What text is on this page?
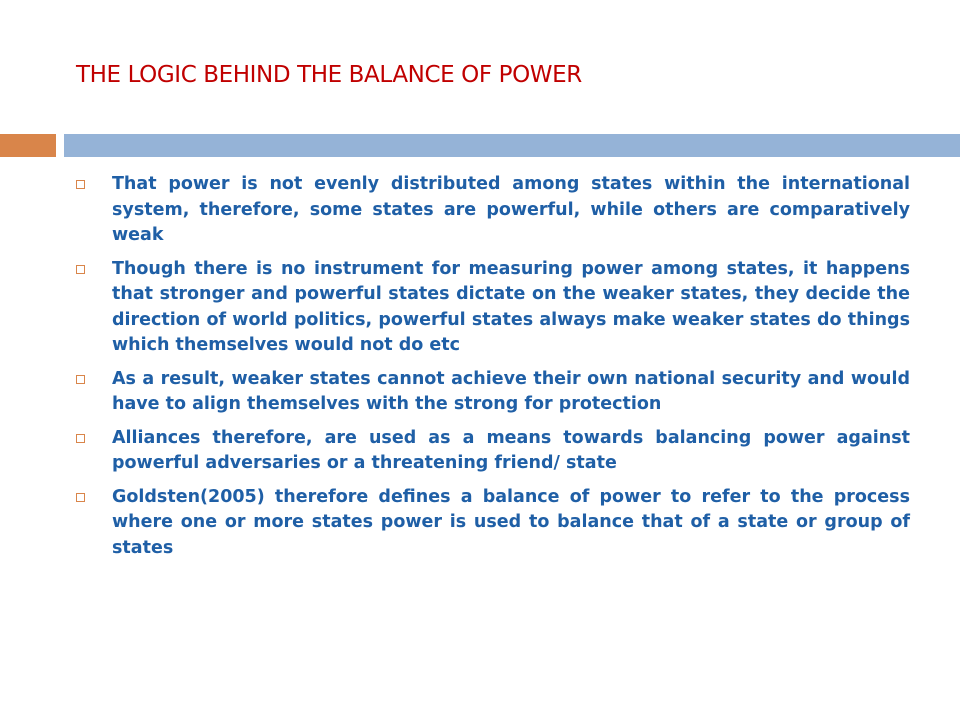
THE LOGIC BEHIND THE BALANCE OF POWER
That power is not evenly distributed among states within the international system, therefore, some states are powerful, while others are comparatively weak
Though there is no instrument for measuring power among states, it happens that stronger and powerful states dictate on the weaker states, they decide the direction of world politics, powerful states always make weaker states do things which themselves would not do etc
As a result, weaker states cannot achieve their own national security and would have to align themselves with the strong for protection
Alliances therefore, are used as a means towards balancing power against powerful adversaries or a threatening friend/ state
Goldsten(2005) therefore defines a balance of power to refer to the process where one or more states power is used to balance that of a state or group of states
